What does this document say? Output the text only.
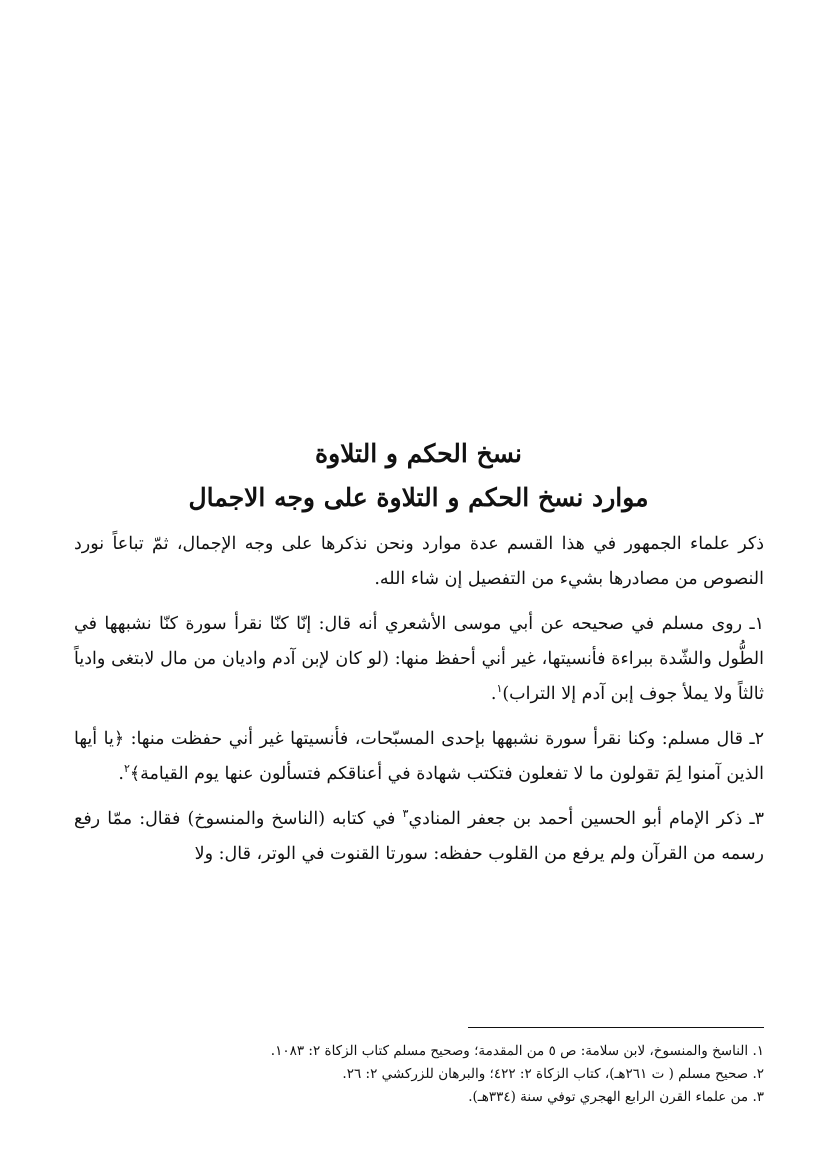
نسخ الحكم و التلاوة
موارد نسخ الحكم و التلاوة على وجه الاجمال

ذكر علماء الجمهور في هذا القسم عدة موارد ونحن نذكرها على وجه الإجمال، ثمّ تباعاً نورد النصوص من مصادرها بشيء من التفصيل إن شاء الله.

١ـ روى مسلم في صحيحه عن أبي موسى الأشعري أنه قال: إنّا كنّا نقرأ سورة كنّا نشبهها في الطُّول والشّدة ببراءة فأنسيتها، غير أني أحفظ منها: (لو كان لإبن آدم واديان من مال لابتغى وادياً ثالثاً ولا يملأ جوف إبن آدم إلا التراب)$^١$.

٢ـ قال مسلم: وكنا نقرأ سورة نشبهها بإحدى المسبّحات، فأنسيتها غير أني حفظت منها: ﴿يا أيها الذين آمنوا لِمَ تقولون ما لا تفعلون فتكتب شهادة في أعناقكم فتسألون عنها يوم القيامة﴾$^٢$.

٣ـ ذكر الإمام أبو الحسين أحمد بن جعفر المنادي$^٣$ في كتابه (الناسخ والمنسوخ) فقال: ممّا رفع رسمه من القرآن ولم يرفع من القلوب حفظه: سورتا القنوت في الوتر، قال: ولا

١. الناسخ والمنسوخ، لابن سلامة: ص ٥ من المقدمة؛ وصحيح مسلم كتاب الزكاة ٢: ١٠٨٣.
٢. صحيح مسلم ( ت ٢٦١هـ)، كتاب الزكاة ٢: ٤٢٢؛ والبرهان للزركشي ٢: ٢٦.
٣. من علماء القرن الرابع الهجري توفي سنة (٣٣٤هـ).
